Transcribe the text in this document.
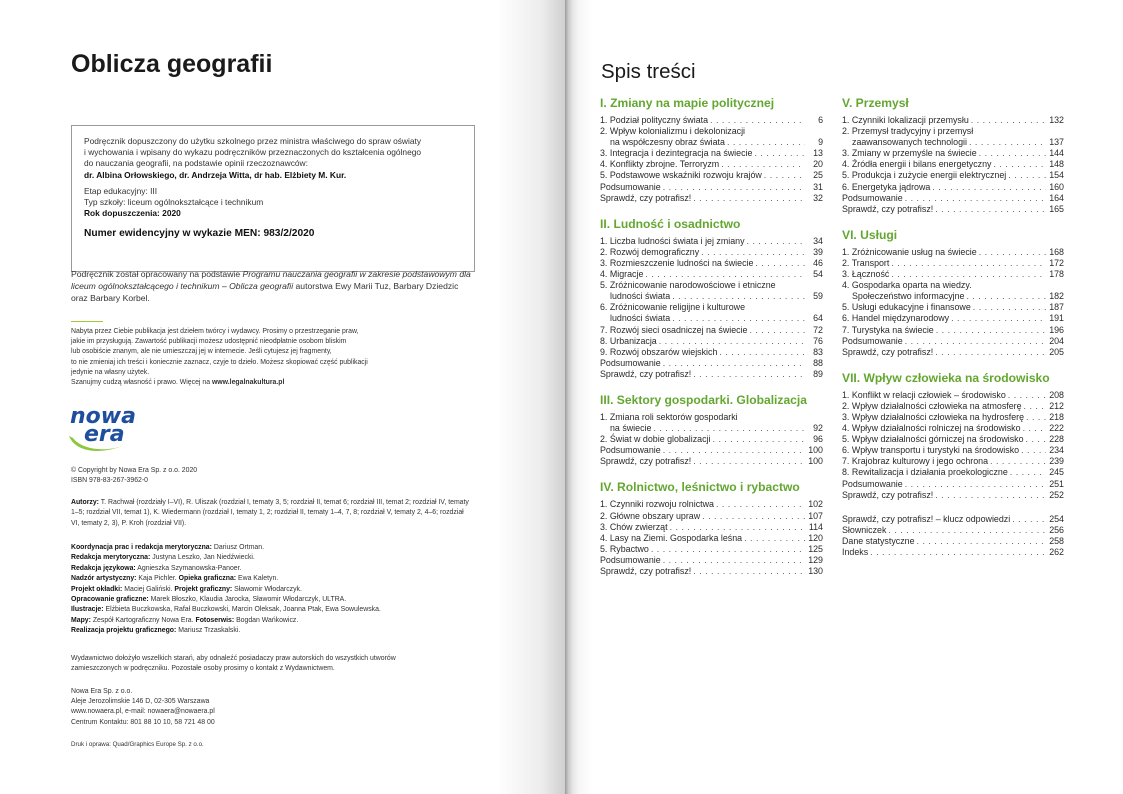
Oblicza geografii

Podręcznik dopuszczony do użytku szkolnego przez ministra właściwego do spraw oświaty

i wychowania i wpisany do wykazu podręczników przeznaczonych do kształcenia ogólnego

do nauczania geografii, na podstawie opinii rzeczoznawców:

dr. Albina Orłowskiego, dr. Andrzeja Witta, dr hab. Elżbiety M. Kur.

Etap edukacyjny: III

Typ szkoły: liceum ogólnokształcące i technikum

Rok dopuszczenia: 2020

Numer ewidencyjny w wykazie MEN: 983/2/2020

Podręcznik został opracowany na podstawie Programu nauczania geografii w zakresie podstawowym dla liceum ogólnokształcącego i technikum – Oblicza geografii autorstwa Ewy Marii Tuz, Barbary Dziedzic oraz Barbary Korbel.

Nabyta przez Ciebie publikacja jest dziełem twórcy i wydawcy. Prosimy o przestrzeganie praw,
jakie im przysługują. Zawartość publikacji możesz udostępnić nieodpłatnie osobom bliskim
lub osobiście znanym, ale nie umieszczaj jej w internecie. Jeśli cytujesz jej fragmenty,
to nie zmieniaj ich treści i koniecznie zaznacz, czyje to dzieło. Możesz skopiować część publikacji
jedynie na własny użytek.
Szanujmy cudzą własność i prawo. Więcej na www.legalnakultura.pl

nowa
era

© Copyright by Nowa Era Sp. z o.o. 2020
ISBN 978-83-267-3962-0

Autorzy: T. Rachwał (rozdziały I–VI), R. Uliszak (rozdział I, tematy 3, 5; rozdział II, temat 6; rozdział III, temat 2; rozdział IV, tematy 1–5; rozdział VII, temat 1), K. Wiedermann (rozdział I, tematy 1, 2; rozdział II, tematy 1–4, 7, 8; rozdział V, tematy 2, 4–6; rozdział VI, tematy 2, 3), P. Kroh (rozdział VII).

Koordynacja prac i redakcja merytoryczna: Dariusz Ortman.
Redakcja merytoryczna: Justyna Leszko, Jan Niedźwiecki.
Redakcja językowa: Agnieszka Szymanowska-Panoer.
Nadzór artystyczny: Kaja Pichler. Opieka graficzna: Ewa Kaletyn.
Projekt okładki: Maciej Galiński. Projekt graficzny: Sławomir Włodarczyk.
Opracowanie graficzne: Marek Błoszko, Klaudia Jarocka, Sławomir Włodarczyk, ULTRA.
Ilustracje: Elżbieta Buczkowska, Rafał Buczkowski, Marcin Oleksak, Joanna Ptak, Ewa Sowulewska.
Mapy: Zespół Kartograficzny Nowa Era. Fotoserwis: Bogdan Wańkowicz.
Realizacja projektu graficznego: Mariusz Trzaskalski.

Wydawnictwo dołożyło wszelkich starań, aby odnaleźć posiadaczy praw autorskich do wszystkich utworów
zamieszczonych w podręczniku. Pozostałe osoby prosimy o kontakt z Wydawnictwem.

Nowa Era Sp. z o.o.
Aleje Jerozolimskie 146 D, 02-305 Warszawa
www.nowaera.pl, e-mail: nowaera@nowaera.pl
Centrum Kontaktu: 801 88 10 10, 58 721 48 00

Druk i oprawa: Quad/Graphics Europe Sp. z o.o.

Spis treści
I. Zmiany na mapie politycznej
1. Podział polityczny świata . . .	6
2. Wpływ kolonializmu i dekolonizacji
na współczesny obraz świata . . .	9
3. Integracja i dezintegracja na świecie . . .	13
4. Konflikty zbrojne. Terroryzm . . .	20
5. Podstawowe wskaźniki rozwoju krajów . . .	25
Podsumowanie . . .	31
Sprawdź, czy potrafisz! . . .	32
II. Ludność i osadnictwo
1. Liczba ludności świata i jej zmiany . . .	34
2. Rozwój demograficzny . . .	39
3. Rozmieszczenie ludności na świecie . . .	46
4. Migracje . . .	54
5. Zróżnicowanie narodowościowe i etniczne
ludności świata . . .	59
6. Zróżnicowanie religijne i kulturowe
ludności świata . . .	64
7. Rozwój sieci osadniczej na świecie . . .	72
8. Urbanizacja . . .	76
9. Rozwój obszarów wiejskich . . .	83
Podsumowanie . . .	88
Sprawdź, czy potrafisz! . . .	89
III. Sektory gospodarki. Globalizacja
1. Zmiana roli sektorów gospodarki
na świecie . . .	92
2. Świat w dobie globalizacji . . .	96
Podsumowanie . . .	100
Sprawdź, czy potrafisz! . . .	100
IV. Rolnictwo, leśnictwo i rybactwo
1. Czynniki rozwoju rolnictwa . . .	102
2. Główne obszary upraw . . .	107
3. Chów zwierząt . . .	114
4. Lasy na Ziemi. Gospodarka leśna . . .	120
5. Rybactwo . . .	125
Podsumowanie . . .	129
Sprawdź, czy potrafisz! . . .	130
V. Przemysł
1. Czynniki lokalizacji przemysłu . . .	132
2. Przemysł tradycyjny i przemysł
zaawansowanych technologii . . .	137
3. Zmiany w przemyśle na świecie . . .	144
4. Źródła energii i bilans energetyczny . . .	148
5. Produkcja i zużycie energii elektrycznej . . .	154
6. Energetyka jądrowa . . .	160
Podsumowanie . . .	164
Sprawdź, czy potrafisz! . . .	165
VI. Usługi
1. Zróżnicowanie usług na świecie . . .	168
2. Transport . . .	172
3. Łączność . . .	178
4. Gospodarka oparta na wiedzy.
Społeczeństwo informacyjne . . .	182
5. Usługi edukacyjne i finansowe . . .	187
6. Handel międzynarodowy . . .	191
7. Turystyka na świecie . . .	196
Podsumowanie . . .	204
Sprawdź, czy potrafisz! . . .	205
VII. Wpływ człowieka na środowisko
1. Konflikt w relacji człowiek – środowisko . . .	208
2. Wpływ działalności człowieka na atmosferę . . .	212
3. Wpływ działalności człowieka na hydrosferę . . .	218
4. Wpływ działalności rolniczej na środowisko . . .	222
5. Wpływ działalności górniczej na środowisko . . .	228
6. Wpływ transportu i turystyki na środowisko . . .	234
7. Krajobraz kulturowy i jego ochrona . . .	239
8. Rewitalizacja i działania proekologiczne . . .	245
Podsumowanie . . .	251
Sprawdź, czy potrafisz! . . .	252
Sprawdź, czy potrafisz! – klucz odpowiedzi . . .	254
Słowniczek . . .	256
Dane statystyczne . . .	258
Indeks . . .	262
